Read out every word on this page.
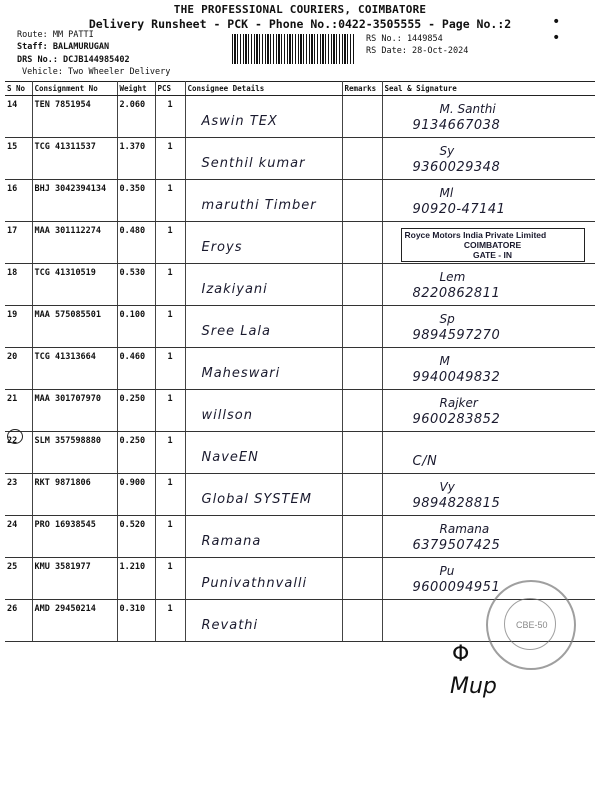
THE PROFESSIONAL COURIERS, COIMBATORE
Delivery Runsheet - PCK - Phone No.:0422-3505555 - Page No.:2	• •
Route: MM PATTI
Staff: BALAMURUGAN
DRS No.: DCJB144985402
Vehicle: Two Wheeler Delivery
RS No.: 1449854
RS Date: 28-Oct-2024
S No	Consignment No	Weight	PCS	Consignee Details	Remarks	Seal & Signature
14	TEN 7851954	2.060	1	Aswin TEX		M. Santhi
9134667038

15	TCG 41311537	1.370	1	Senthil kumar		Sy
9360029348

16	BHJ 3042394134	0.350	1	maruthi Timber		Ml
90920-47141

17	MAA 301112274	0.480	1	Eroys		Royce Motors India Private Limited
COIMBATORE
GATE - IN

18	TCG 41310519	0.530	1	Izakiyani		Lem
8220862811

19	MAA 575085501	0.100	1	Sree Lala		Sp
9894597270

20	TCG 41313664	0.460	1	Maheswari		M
9940049832

21	MAA 301707970	0.250	1	willson		Rajker
9600283852

22	SLM 357598880	0.250	1	NaveEN		C/N

23	RKT 9871806	0.900	1	Global SYSTEM		Vy
9894828815

24	PRO 16938545	0.520	1	Ramana		Ramana
6379507425

25	KMU 3581977	1.210	1	Punivathnvalli		Pu
9600094951

26	AMD 29450214	0.310	1	Revathi		

		CBE-50
Φ
Mup
